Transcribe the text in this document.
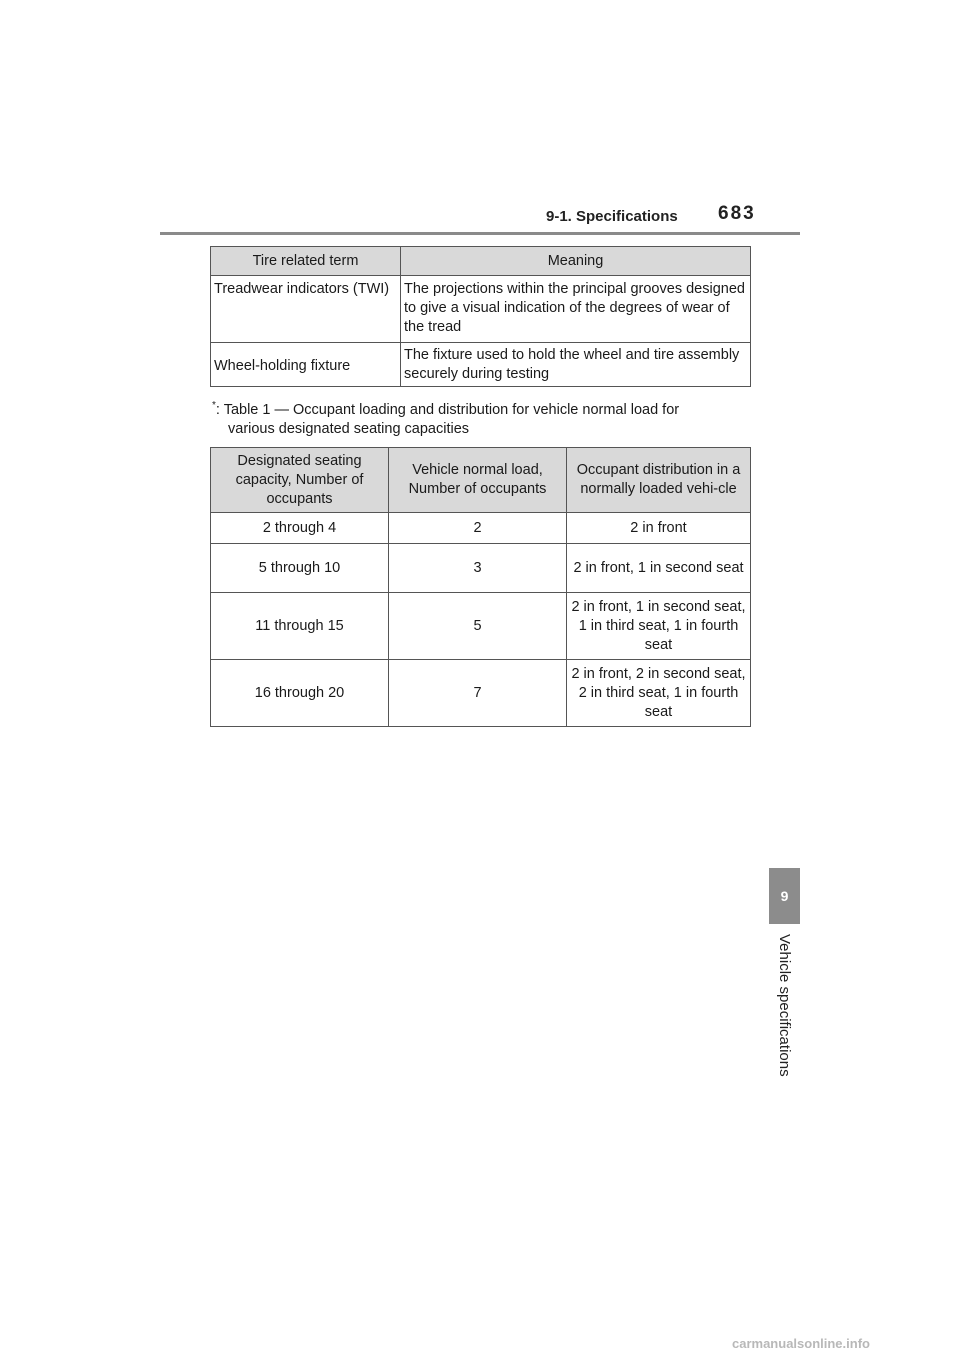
9-1. Specifications 683
Tire related term	Meaning
Treadwear indicators (TWI)	The projections within the principal grooves designed to give a visual indication of the degrees of wear of the tread
Wheel-holding fixture	The fixture used to hold the wheel and tire assembly securely during testing
*: Table 1 — Occupant loading and distribution for vehicle normal load for
various designated seating capacities
Designated seating capacity, Number of occupants	Vehicle normal load, Number of occupants	Occupant distribution in a normally loaded vehi-cle
2 through 4	2	2 in front
5 through 10	3	2 in front, 1 in second seat
11 through 15	5	2 in front, 1 in second seat, 1 in third seat, 1 in fourth seat
16 through 20	7	2 in front, 2 in second seat, 2 in third seat, 1 in fourth seat
9
Vehicle specifications
carmanualsonline.info
